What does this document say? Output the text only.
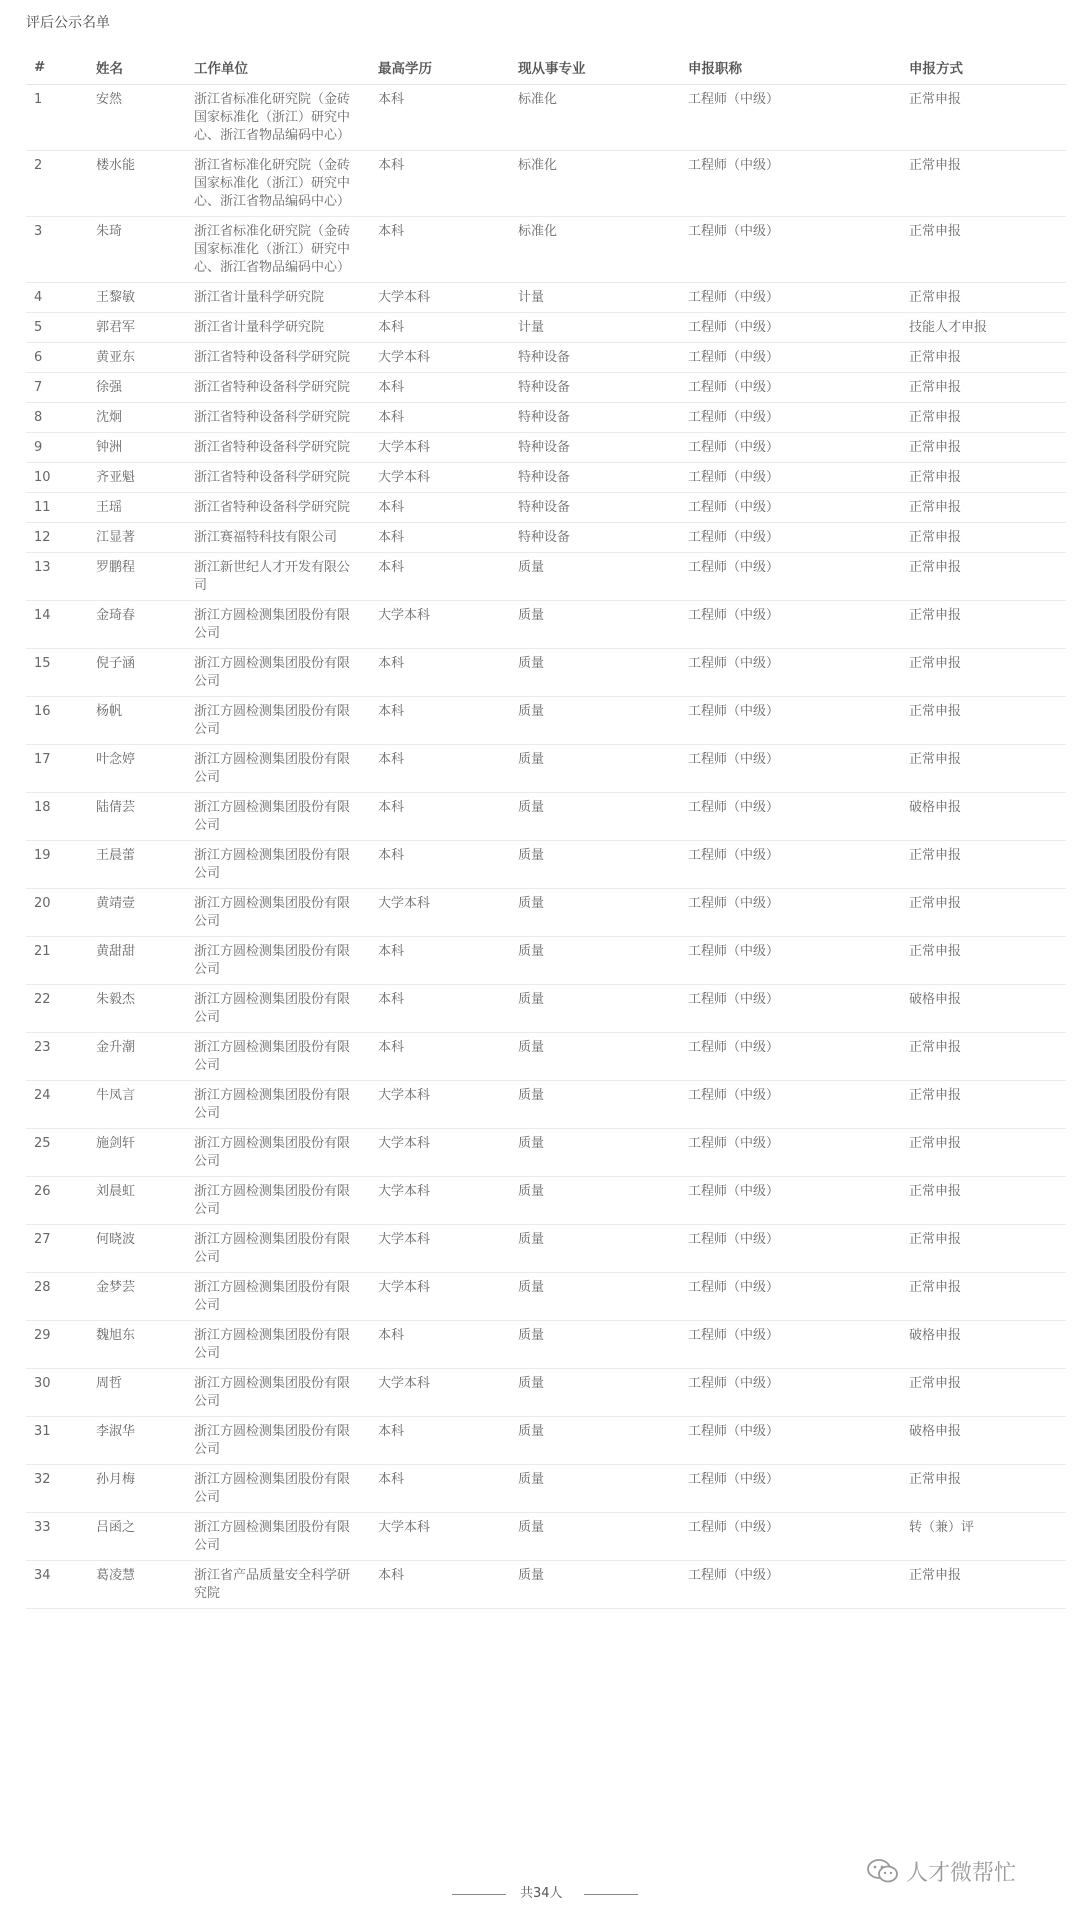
评后公示名单
#	姓名	工作单位	最高学历	现从事专业	申报职称	申报方式
1	安然	浙江省标准化研究院（金砖国家标准化（浙江）研究中心、浙江省物品编码中心）	本科	标准化	工程师（中级）	正常申报
2	楼水能	浙江省标准化研究院（金砖国家标准化（浙江）研究中心、浙江省物品编码中心）	本科	标准化	工程师（中级）	正常申报
3	朱琦	浙江省标准化研究院（金砖国家标准化（浙江）研究中心、浙江省物品编码中心）	本科	标准化	工程师（中级）	正常申报
4	王黎敏	浙江省计量科学研究院	大学本科	计量	工程师（中级）	正常申报
5	郭君军	浙江省计量科学研究院	本科	计量	工程师（中级）	技能人才申报
6	黄亚东	浙江省特种设备科学研究院	大学本科	特种设备	工程师（中级）	正常申报
7	徐强	浙江省特种设备科学研究院	本科	特种设备	工程师（中级）	正常申报
8	沈炯	浙江省特种设备科学研究院	本科	特种设备	工程师（中级）	正常申报
9	钟洲	浙江省特种设备科学研究院	大学本科	特种设备	工程师（中级）	正常申报
10	齐亚魁	浙江省特种设备科学研究院	大学本科	特种设备	工程师（中级）	正常申报
11	王瑶	浙江省特种设备科学研究院	本科	特种设备	工程师（中级）	正常申报
12	江显著	浙江赛福特科技有限公司	本科	特种设备	工程师（中级）	正常申报
13	罗鹏程	浙江新世纪人才开发有限公司	本科	质量	工程师（中级）	正常申报
14	金琦春	浙江方圆检测集团股份有限公司	大学本科	质量	工程师（中级）	正常申报
15	倪子涵	浙江方圆检测集团股份有限公司	本科	质量	工程师（中级）	正常申报
16	杨帆	浙江方圆检测集团股份有限公司	本科	质量	工程师（中级）	正常申报
17	叶念婷	浙江方圆检测集团股份有限公司	本科	质量	工程师（中级）	正常申报
18	陆倩芸	浙江方圆检测集团股份有限公司	本科	质量	工程师（中级）	破格申报
19	王晨蕾	浙江方圆检测集团股份有限公司	本科	质量	工程师（中级）	正常申报
20	黄靖壹	浙江方圆检测集团股份有限公司	大学本科	质量	工程师（中级）	正常申报
21	黄甜甜	浙江方圆检测集团股份有限公司	本科	质量	工程师（中级）	正常申报
22	朱毅杰	浙江方圆检测集团股份有限公司	本科	质量	工程师（中级）	破格申报
23	金升潮	浙江方圆检测集团股份有限公司	本科	质量	工程师（中级）	正常申报
24	牛凤言	浙江方圆检测集团股份有限公司	大学本科	质量	工程师（中级）	正常申报
25	施剑轩	浙江方圆检测集团股份有限公司	大学本科	质量	工程师（中级）	正常申报
26	刘晨虹	浙江方圆检测集团股份有限公司	大学本科	质量	工程师（中级）	正常申报
27	何晓波	浙江方圆检测集团股份有限公司	大学本科	质量	工程师（中级）	正常申报
28	金梦芸	浙江方圆检测集团股份有限公司	大学本科	质量	工程师（中级）	正常申报
29	魏旭东	浙江方圆检测集团股份有限公司	本科	质量	工程师（中级）	破格申报
30	周哲	浙江方圆检测集团股份有限公司	大学本科	质量	工程师（中级）	正常申报
31	李淑华	浙江方圆检测集团股份有限公司	本科	质量	工程师（中级）	破格申报
32	孙月梅	浙江方圆检测集团股份有限公司	本科	质量	工程师（中级）	正常申报
33	吕函之	浙江方圆检测集团股份有限公司	大学本科	质量	工程师（中级）	转（兼）评
34	葛凌慧	浙江省产品质量安全科学研究院	本科	质量	工程师（中级）	正常申报
共34人
人才微帮忙
